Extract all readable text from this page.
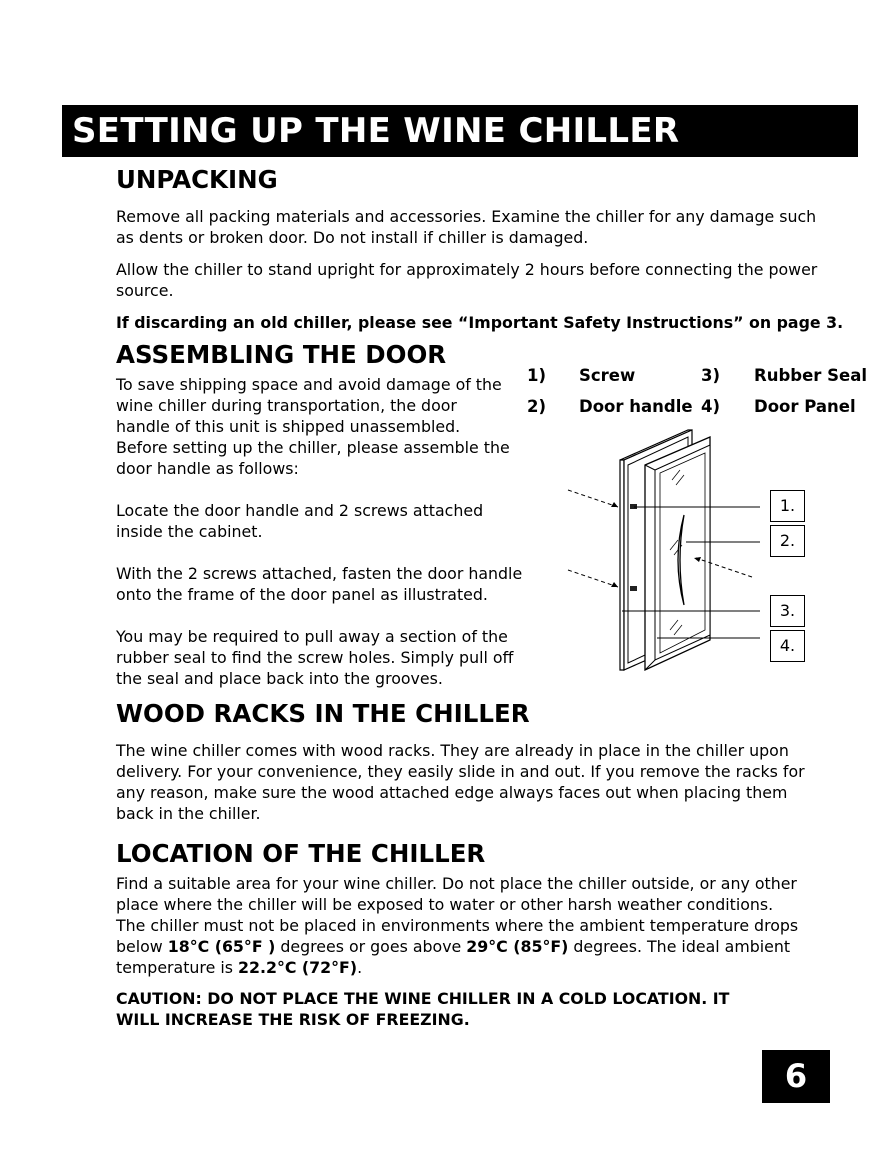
SETTING UP THE WINE CHILLER
UNPACKING

Remove all packing materials and accessories. Examine the chiller for any damage such as dents or broken door. Do not install if chiller is damaged.

Allow the chiller to stand upright for approximately 2 hours before connecting the power source.

If discarding an old chiller, please see “Important Safety Instructions” on page 3.

ASSEMBLING THE DOOR

To save shipping space and avoid damage of the wine chiller during transportation, the door handle of this unit is shipped unassembled. Before setting up the chiller, please assemble the door handle as follows:

Locate the door handle and 2 screws attached inside the cabinet.

With the 2 screws attached, fasten the door handle onto the frame of the door panel as illustrated.

You may be required to pull away a section of the rubber seal to find the screw holes. Simply pull off the seal and place back into the grooves.

1) Screw
2) Door handle
3) Rubber Seal
4) Door Panel
1.
2.
3.
4.
WOOD RACKS IN THE CHILLER

The wine chiller comes with wood racks. They are already in place in the chiller upon delivery. For your convenience, they easily slide in and out. If you remove the racks for any reason, make sure the wood attached edge always faces out when placing them back in the chiller.

LOCATION OF THE CHILLER

Find a suitable area for your wine chiller. Do not place the chiller outside, or any other place where the chiller will be exposed to water or other harsh weather conditions. The chiller must not be placed in environments where the ambient temperature drops below 18°C (65°F ) degrees or goes above 29°C (85°F) degrees. The ideal ambient temperature is 22.2°C (72°F).

CAUTION: DO NOT PLACE THE WINE CHILLER IN A COLD LOCATION. IT WILL INCREASE THE RISK OF FREEZING.

6
